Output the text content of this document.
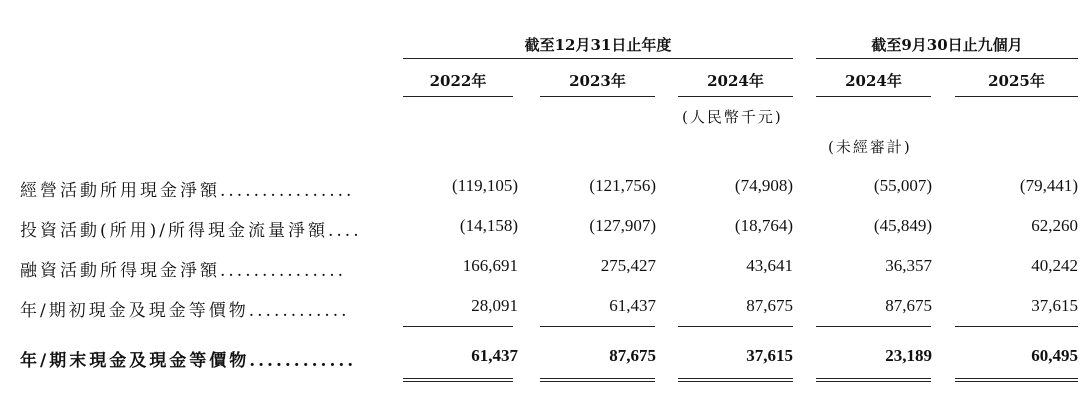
截至12月31日止年度	截至9月30日止九個月
2022年	2023年	2024年	2024年	2025年
(人民幣千元)
(未經審計)
經營活動所用現金淨額................	(119,105)	(121,756)	(74,908)	(55,007)	(79,441)
投資活動(所用)/所得現金流量淨額....	(14,158)	(127,907)	(18,764)	(45,849)	62,260
融資活動所得現金淨額...............	166,691	275,427	43,641	36,357	40,242
年/期初現金及現金等價物............	28,091	61,437	87,675	87,675	37,615
年/期末現金及現金等價物............	61,437	87,675	37,615	23,189	60,495
